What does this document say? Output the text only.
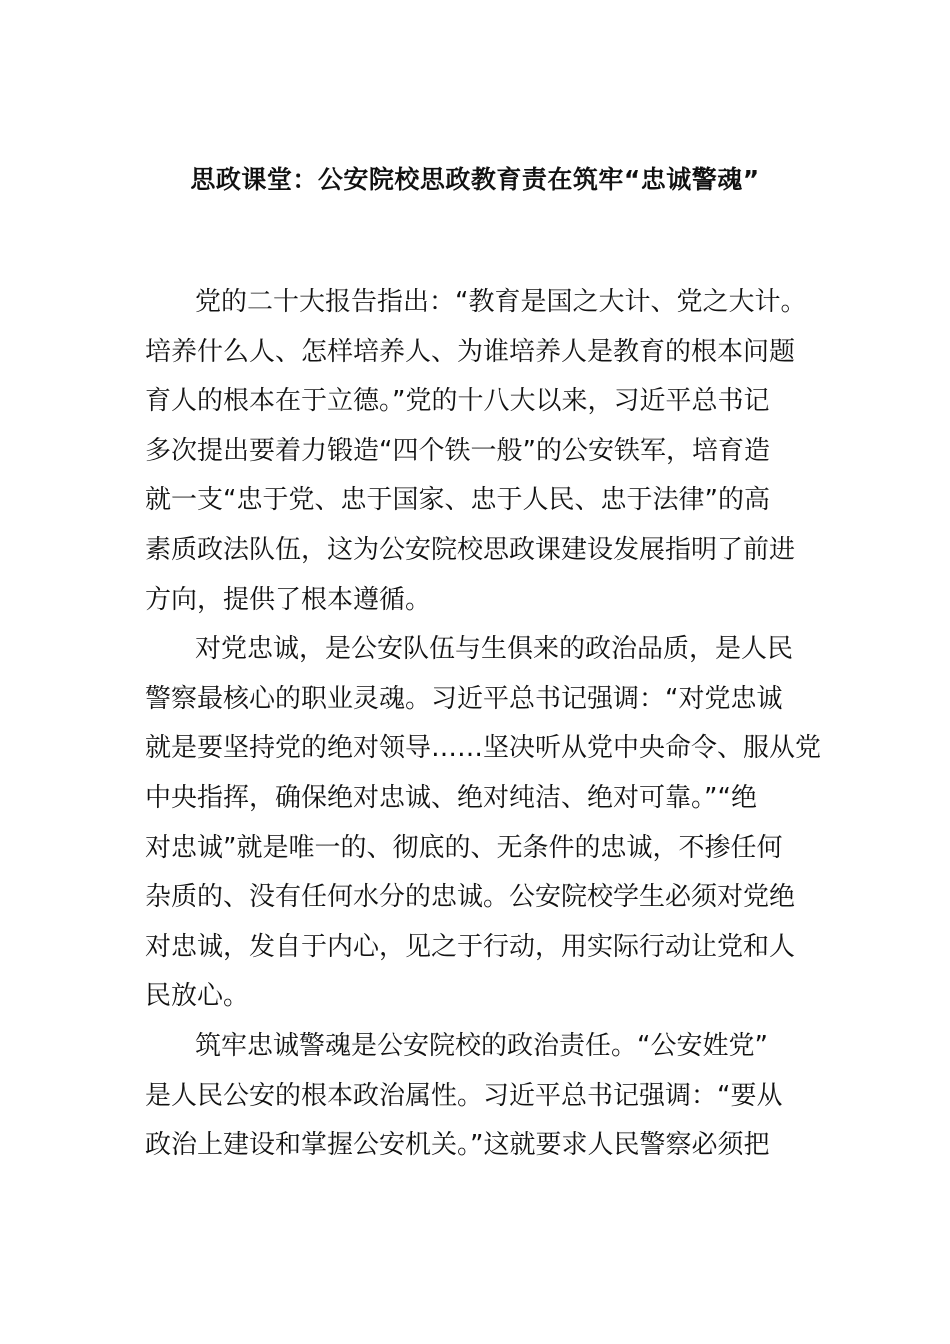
思政课堂：公安院校思政教育责在筑牢“忠诚警魂”
党的二十大报告指出：“教育是国之大计、党之大计。
培养什么人、怎样培养人、为谁培养人是教育的根本问题
育人的根本在于立德。”党的十八大以来，习近平总书记
多次提出要着力锻造“四个铁一般”的公安铁军，培育造
就一支“忠于党、忠于国家、忠于人民、忠于法律”的高
素质政法队伍，这为公安院校思政课建设发展指明了前进
方向，提供了根本遵循。
对党忠诚，是公安队伍与生俱来的政治品质，是人民
警察最核心的职业灵魂。习近平总书记强调：“对党忠诚
就是要坚持党的绝对领导……坚决听从党中央命令、服从党
中央指挥，确保绝对忠诚、绝对纯洁、绝对可靠。”“绝
对忠诚”就是唯一的、彻底的、无条件的忠诚，不掺任何
杂质的、没有任何水分的忠诚。公安院校学生必须对党绝
对忠诚，发自于内心，见之于行动，用实际行动让党和人
民放心。
筑牢忠诚警魂是公安院校的政治责任。“公安姓党”
是人民公安的根本政治属性。习近平总书记强调：“要从
政治上建设和掌握公安机关。”这就要求人民警察必须把
